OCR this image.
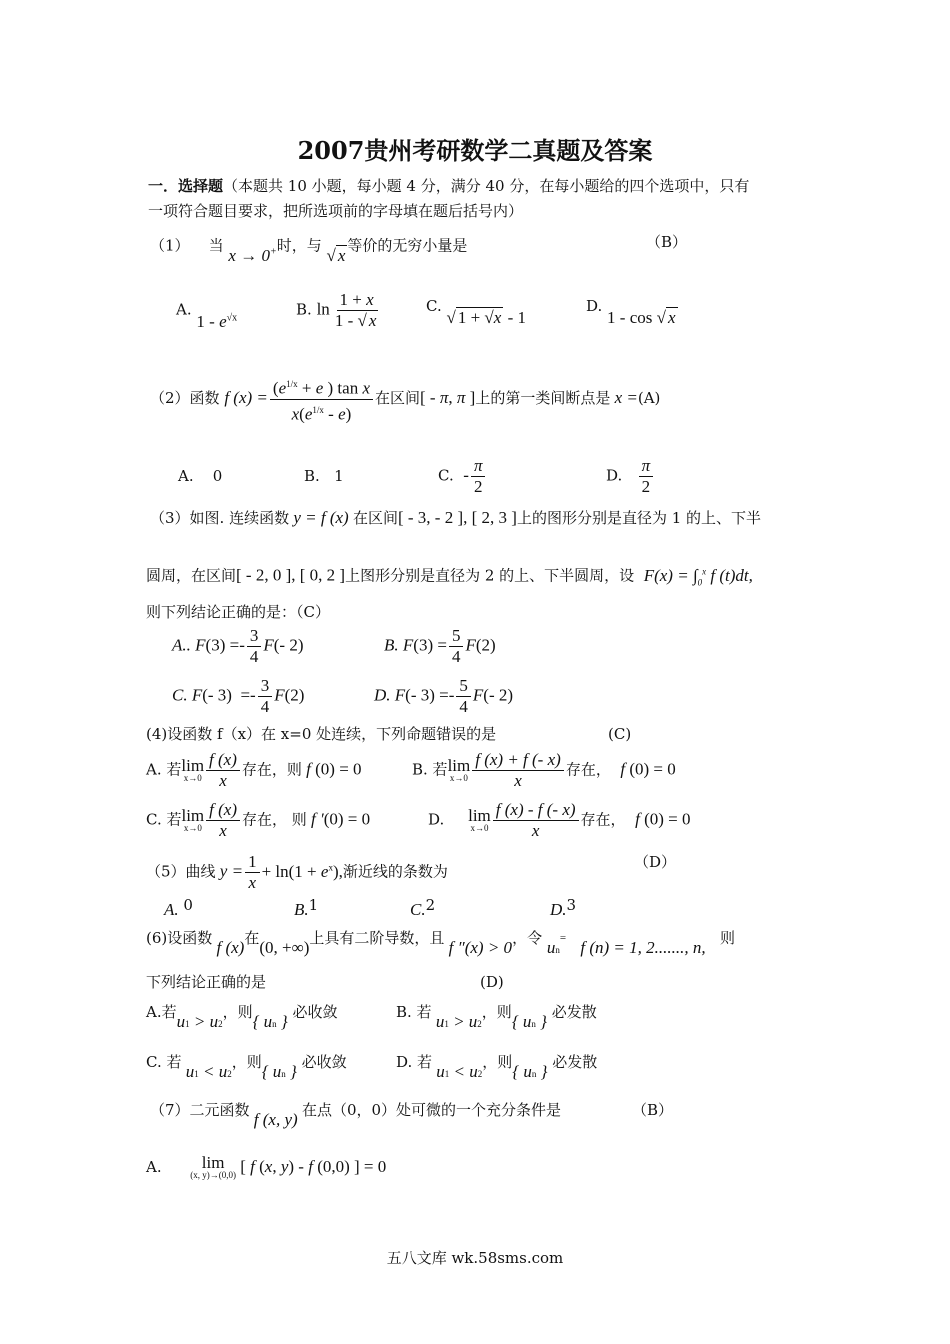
2007贵州考研数学二真题及答案
一．选择题（本题共 10 小题，每小题 4 分，满分 40 分，在每小题给的四个选项中，只有
一项符合题目要求，把所选项前的字母填在题后括号内）
（1） 当 x → 0+时，与 √ x 等价的无穷小量是	（B）
A. $1 - e^{√x}$	B. $\ln \frac{1 + x}{1 - √ x}$	C. √ 1 + √x - 1
D. 1 - cos √ x
（2）函数 f $(x) = \frac{(e^{1/x} + e ) \tan x}{x(e^{1/x} - e)}$ 在区间[ - π, π ]上的第一类间断点是 x =(A)
A. 0	B. 1	C. - $\frac{\pi}{2}$	D. $\frac{\pi}{2}$
（3）如图. 连续函数 y = f (x) 在区间[ - 3, - 2 ], [ 2, 3 ]上的图形分别是直径为 1 的上、下半
圆周，在区间[ - 2, 0 ], [ 0, 2 ]上图形分别是直径为 2 的上、下半圆周，设 $F(x) = \int_0^x$ f (t)dt,
则下列结论正确的是：（C）
A.. $F(3) =- \frac{3}{4} F(-$ 2)	B. $F(3) = \frac{5}{4} F(2)$
C. F(- $3) =- \frac{3}{4} F(2)$	D. F(- $3) =- \frac{5}{4} F(-$ 2)
(4)设函数 f（x）在 x=0 处连续，下列命题错误的是	(C)
A. 若 lim
$x\to 0 \frac{f (x)}{x}$ 存在，则 f (0) = 0	B. 若 lim
$x\to 0 \frac{f (x) + f (- x)}{x}$ 存在， f (0) = 0
C. 若 lim
$x\to 0 \frac{f (x)}{x}$ 存在， 则 f ′(0) = 0	D. lim
$x\to 0 \frac{f (x) - f (- x)}{x}$ 存在， f (0) = 0
（5）曲线 $y = \frac{1}{x} + \ln(1 + e^x)$,渐近线的条数为
（D）
A. 0	B.1	C.2	D.3
(6)设函数 f (x)在(0, +∞)上具有二阶导数，且 f ″(x) > 0，令 un= f (n) = 1, 2......., n, 则
下列结论正确的是	(D)
A.若u1 > u2，则{ un } 必收敛	B. 若 u1 > u2，则{ un } 必发散
C. 若 u1 < u2，则{ un } 必收敛	D. 若 u1 < u2，则{ un } 必发散
（7）二元函数 f (x, y) 在点（0，0）处可微的一个充分条件是	（B）
A. lim
(x, y)→(0,0) [ f (x, y) - f (0,0) ] = 0
五八文库 wk.58sms.com
